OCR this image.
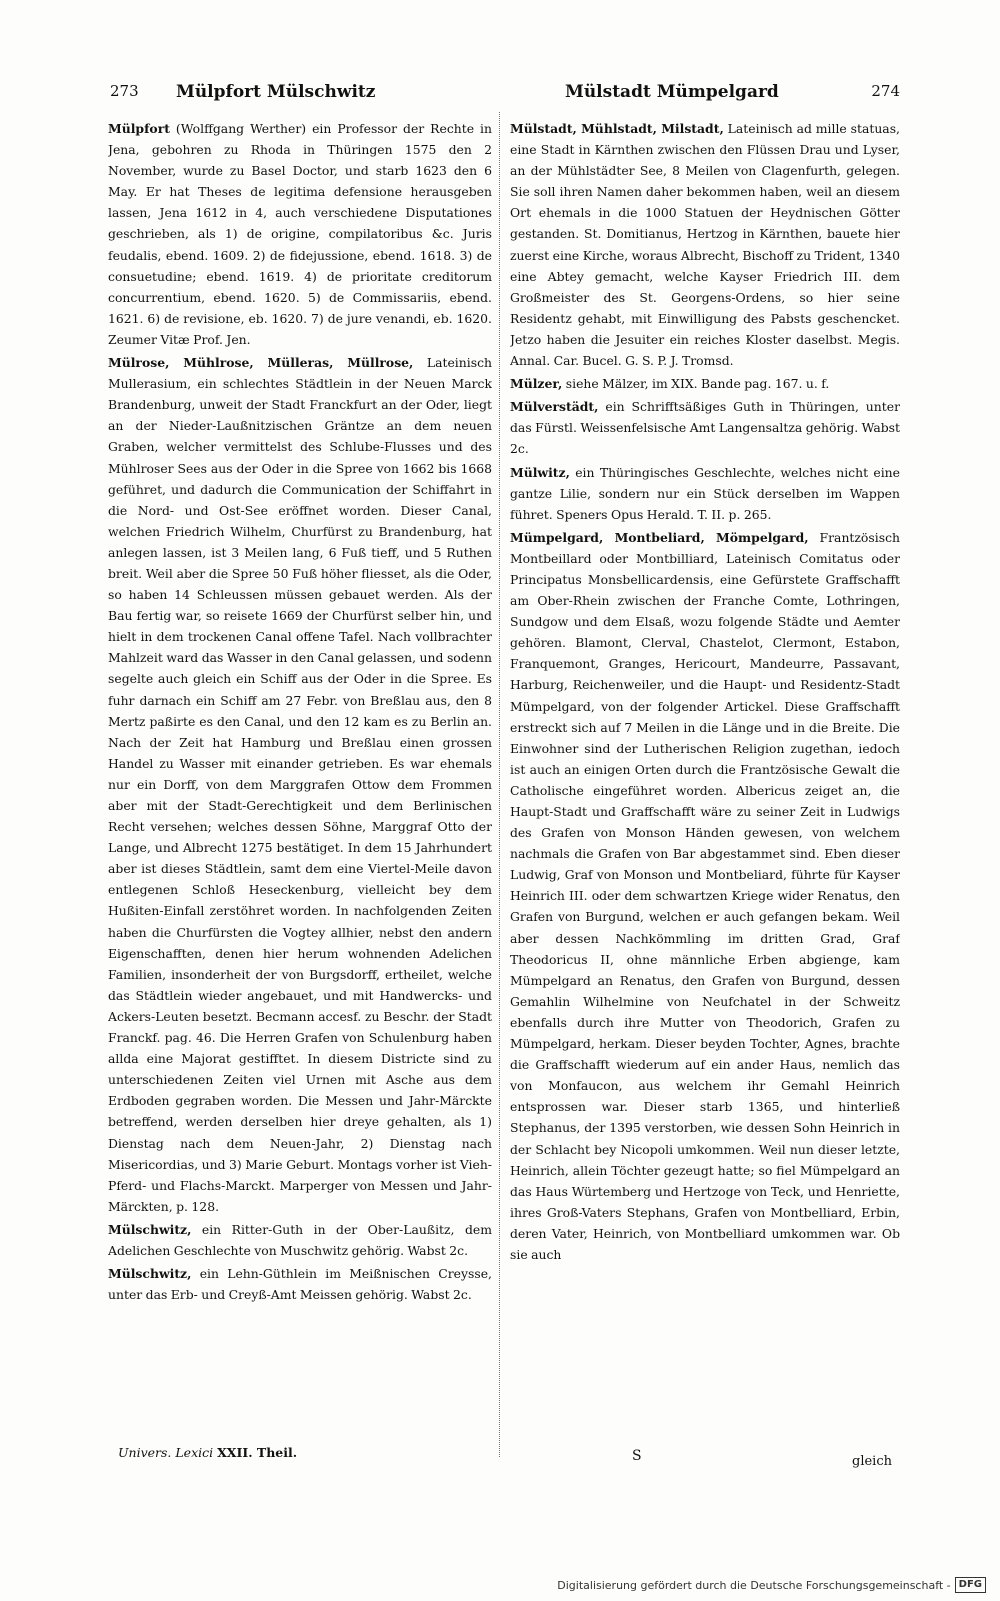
273 Mülpfort Mülschwitz	Mülstadt Mümpelgard	274

Mülpfort (Wolffgang Werther) ein Professor der Rechte in Jena, gebohren zu Rhoda in Thüringen 1575 den 2 November, wurde zu Basel Doctor, und starb 1623 den 6 May. Er hat Theses de legitima defensione herausgeben lassen, Jena 1612 in 4, auch verschiedene Disputationes geschrieben, als 1) de origine, compilatoribus &c. Juris feudalis, ebend. 1609. 2) de fidejussione, ebend. 1618. 3) de consuetudine; ebend. 1619. 4) de prioritate creditorum concurrentium, ebend. 1620. 5) de Commissariis, ebend. 1621. 6) de revisione, eb. 1620. 7) de jure venandi, eb. 1620. Zeumer Vitæ Prof. Jen.

Mülrose, Mühlrose, Mülleras, Müllrose, Lateinisch Mullerasium, ein schlechtes Städtlein in der Neuen Marck Brandenburg, unweit der Stadt Franckfurt an der Oder, liegt an der Nieder-Laußnitzischen Gräntze an dem neuen Graben, welcher vermittelst des Schlube-Flusses und des Mühlroser Sees aus der Oder in die Spree von 1662 bis 1668 geführet, und dadurch die Communication der Schiffahrt in die Nord- und Ost-See eröffnet worden. Dieser Canal, welchen Friedrich Wilhelm, Churfürst zu Brandenburg, hat anlegen lassen, ist 3 Meilen lang, 6 Fuß tieff, und 5 Ruthen breit. Weil aber die Spree 50 Fuß höher fliesset, als die Oder, so haben 14 Schleussen müssen gebauet werden. Als der Bau fertig war, so reisete 1669 der Churfürst selber hin, und hielt in dem trockenen Canal offene Tafel. Nach vollbrachter Mahlzeit ward das Wasser in den Canal gelassen, und sodenn segelte auch gleich ein Schiff aus der Oder in die Spree. Es fuhr darnach ein Schiff am 27 Febr. von Breßlau aus, den 8 Mertz paßirte es den Canal, und den 12 kam es zu Berlin an. Nach der Zeit hat Hamburg und Breßlau einen grossen Handel zu Wasser mit einander getrieben. Es war ehemals nur ein Dorff, von dem Marggrafen Ottow dem Frommen aber mit der Stadt-Gerechtigkeit und dem Berlinischen Recht versehen; welches dessen Söhne, Marggraf Otto der Lange, und Albrecht 1275 bestätiget. In dem 15 Jahrhundert aber ist dieses Städtlein, samt dem eine Viertel-Meile davon entlegenen Schloß Heseckenburg, vielleicht bey dem Hußiten-Einfall zerstöhret worden. In nachfolgenden Zeiten haben die Churfürsten die Vogtey allhier, nebst den andern Eigenschafften, denen hier herum wohnenden Adelichen Familien, insonderheit der von Burgsdorff, ertheilet, welche das Städtlein wieder angebauet, und mit Handwercks- und Ackers-Leuten besetzt. Becmann accesf. zu Beschr. der Stadt Franckf. pag. 46. Die Herren Grafen von Schulenburg haben allda eine Majorat gestifftet. In diesem Districte sind zu unterschiedenen Zeiten viel Urnen mit Asche aus dem Erdboden gegraben worden. Die Messen und Jahr-Märckte betreffend, werden derselben hier dreye gehalten, als 1) Dienstag nach dem Neuen-Jahr, 2) Dienstag nach Misericordias, und 3) Marie Geburt. Montags vorher ist Vieh- Pferd- und Flachs-Marckt. Marperger von Messen und Jahr-Märckten, p. 128.

Mülschwitz, ein Ritter-Guth in der Ober-Laußitz, dem Adelichen Geschlechte von Muschwitz gehörig. Wabst 2c.

Mülschwitz, ein Lehn-Güthlein im Meißnischen Creysse, unter das Erb- und Creyß-Amt Meissen gehörig. Wabst 2c.

Mülstadt, Mühlstadt, Milstadt, Lateinisch ad mille statuas, eine Stadt in Kärnthen zwischen den Flüssen Drau und Lyser, an der Mühlstädter See, 8 Meilen von Clagenfurth, gelegen. Sie soll ihren Namen daher bekommen haben, weil an diesem Ort ehemals in die 1000 Statuen der Heydnischen Götter gestanden. St. Domitianus, Hertzog in Kärnthen, bauete hier zuerst eine Kirche, woraus Albrecht, Bischoff zu Trident, 1340 eine Abtey gemacht, welche Kayser Friedrich III. dem Großmeister des St. Georgens-Ordens, so hier seine Residentz gehabt, mit Einwilligung des Pabsts geschencket. Jetzo haben die Jesuiter ein reiches Kloster daselbst. Megis. Annal. Car. Bucel. G. S. P. J. Tromsd.

Mülzer, siehe Mälzer, im XIX. Bande pag. 167. u. f.

Mülverstädt, ein Schrifftsäßiges Guth in Thüringen, unter das Fürstl. Weissenfelsische Amt Langensaltza gehörig. Wabst 2c.

Mülwitz, ein Thüringisches Geschlechte, welches nicht eine gantze Lilie, sondern nur ein Stück derselben im Wappen führet. Speners Opus Herald. T. II. p. 265.

Mümpelgard, Montbeliard, Mömpelgard, Frantzösisch Montbeillard oder Montbilliard, Lateinisch Comitatus oder Principatus Monsbellicardensis, eine Gefürstete Graffschafft am Ober-Rhein zwischen der Franche Comte, Lothringen, Sundgow und dem Elsaß, wozu folgende Städte und Aemter gehören. Blamont, Clerval, Chastelot, Clermont, Estabon, Franquemont, Granges, Hericourt, Mandeurre, Passavant, Harburg, Reichenweiler, und die Haupt- und Residentz-Stadt Mümpelgard, von der folgender Artickel. Diese Graffschafft erstreckt sich auf 7 Meilen in die Länge und in die Breite. Die Einwohner sind der Lutherischen Religion zugethan, iedoch ist auch an einigen Orten durch die Frantzösische Gewalt die Catholische eingeführet worden. Albericus zeiget an, die Haupt-Stadt und Graffschafft wäre zu seiner Zeit in Ludwigs des Grafen von Monson Händen gewesen, von welchem nachmals die Grafen von Bar abgestammet sind. Eben dieser Ludwig, Graf von Monson und Montbeliard, führte für Kayser Heinrich III. oder dem schwartzen Kriege wider Renatus, den Grafen von Burgund, welchen er auch gefangen bekam. Weil aber dessen Nachkömmling im dritten Grad, Graf Theodoricus II, ohne männliche Erben abgienge, kam Mümpelgard an Renatus, den Grafen von Burgund, dessen Gemahlin Wilhelmine von Neufchatel in der Schweitz ebenfalls durch ihre Mutter von Theodorich, Grafen zu Mümpelgard, herkam. Dieser beyden Tochter, Agnes, brachte die Graffschafft wiederum auf ein ander Haus, nemlich das von Monfaucon, aus welchem ihr Gemahl Heinrich entsprossen war. Dieser starb 1365, und hinterließ Stephanus, der 1395 verstorben, wie dessen Sohn Heinrich in der Schlacht bey Nicopoli umkommen. Weil nun dieser letzte, Heinrich, allein Töchter gezeugt hatte; so fiel Mümpelgard an das Haus Würtemberg und Hertzoge von Teck, und Henriette, ihres Groß-Vaters Stephans, Grafen von Montbelliard, Erbin, deren Vater, Heinrich, von Montbelliard umkommen war. Ob sie auch

Univers. Lexici XXII. Theil.	S	gleich
Digitalisierung gefördert durch die Deutsche Forschungsgemeinschaft - DFG
